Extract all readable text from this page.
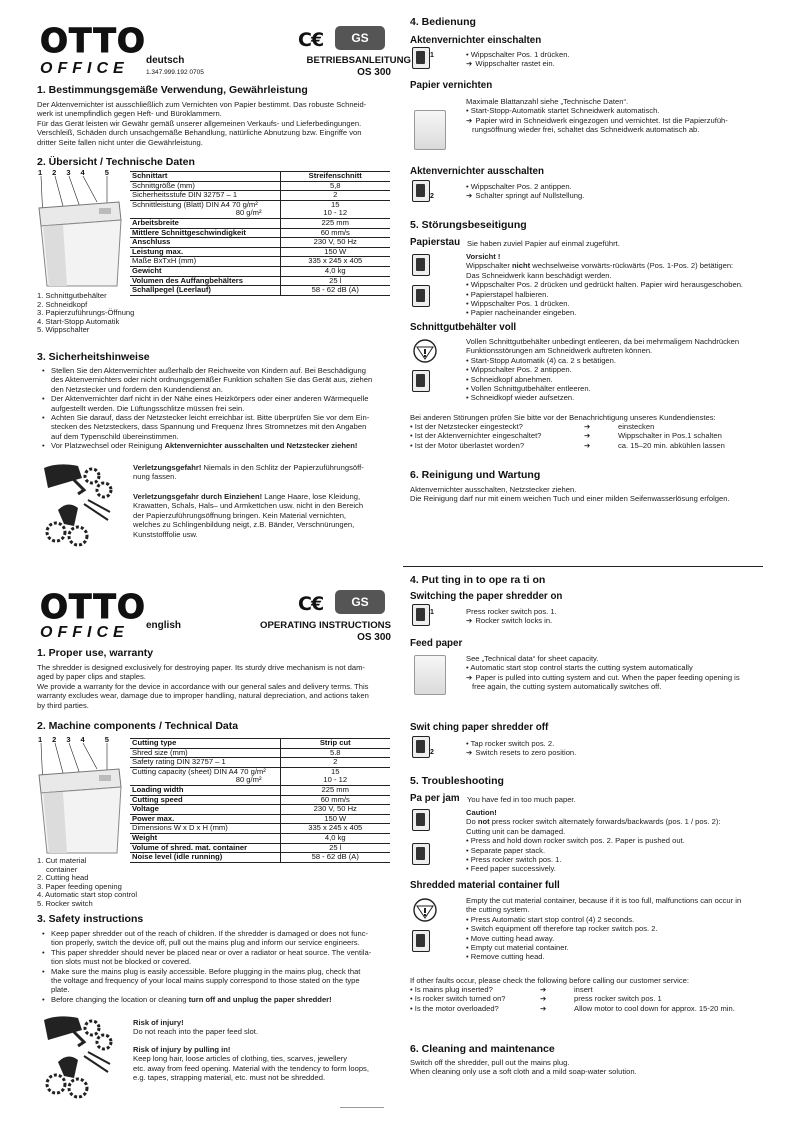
OTTO
OFFICE deutsch
1.347.999.192 0705
C€	GS
BETRIEBSANLEITUNG
OS 300
1. Bestimmungsgemäße Verwendung, Gewährleistung
Der Aktenvernichter ist ausschließlich zum Vernichten von Papier bestimmt. Das robuste Schneid-
werk ist unempfindlich gegen Heft- und Büroklammern.
Für das Gerät leisten wir Gewähr gemäß unserer allgemeinen Verkaufs- und Lieferbedingungen.
Verschleiß, Schäden durch unsachgemäße Behandlung, natürliche Abnutzung bzw. Eingriffe von
dritter Seite fallen nicht unter die Gewährleistung.
2. Übersicht / Technische Daten
1 2 3 4	5
1. Schnittgutbehälter
2. Schneidkopf
3. Papierzuführungs-Öffnung
4. Start-Stopp Automatik
5. Wippschalter
Schnittart	Streifenschnitt
Schnittgröße (mm)	5,8
Sicherheitsstufe DIN 32757 – 1	2
Schnittleistung (Blatt) DIN A4 70 g/m²	15
80 g/m²	10 - 12
Arbeitsbreite	225 mm
Mittlere Schnittgeschwindigkeit	60 mm/s
Anschluss	230 V, 50 Hz
Leistung max.	150 W
Maße BxTxH (mm)	335 x 245 x 405
Gewicht	4,0 kg
Volumen des Auffangbehälters	25 l
Schallpegel (Leerlauf)	58 - 62 dB (A)
3. Sicherheitshinweise
• Stellen Sie den Aktenvernichter außerhalb der Reichweite von Kindern auf. Bei Beschädigung
des Aktenvernichters oder nicht ordnungsgemäßer Funktion schalten Sie das Gerät aus, ziehen
den Netzstecker und fordern den Kundendienst an.
• Der Aktenvernichter darf nicht in der Nähe eines Heizkörpers oder einer anderen Wärmequelle
aufgestellt werden. Die Lüftungsschlitze müssen frei sein.
• Achten Sie darauf, dass der Netzstecker leicht erreichbar ist. Bitte überprüfen Sie vor dem Ein-
stecken des Netzsteckers, dass Spannung und Frequenz Ihres Stromnetzes mit den Angaben
auf dem Typenschild übereinstimmen.
• Vor Platzwechsel oder Reinigung Aktenvernichter ausschalten und Netzstecker ziehen!
Verletzungsgefahr! Niemals in den Schlitz der Papierzuführungsöff-
nung fassen.
Verletzungsgefahr durch Einziehen! Lange Haare, lose Kleidung,
Krawatten, Schals, Hals– und Armkettchen usw. nicht in den Bereich
der Papierzuführungsöffnung bringen. Kein Material vernichten,
welches zu Schlingenbildung neigt, z.B. Bänder, Verschnürungen,
Kunststofffolie usw.
4. Bedienung
Aktenvernichter einschalten
1	• Wippschalter Pos. 1 drücken.
➔ Wippschalter rastet ein.
Papier vernichten
Maximale Blattanzahl siehe „Technische Daten“.
• Start-Stopp-Automatik startet Schneidwerk automatisch.
➔ Papier wird in Schneidwerk eingezogen und vernichtet. Ist die Papierzufüh-
rungsöffnung wieder frei, schaltet das Schneidwerk automatisch ab.
Aktenvernichter ausschalten
2
• Wippschalter Pos. 2 antippen.
➔ Schalter springt auf Nullstellung.
5. Störungsbeseitigung
Papierstau Sie haben zuviel Papier auf einmal zugeführt.
Vorsicht !
Wippschalter nicht wechselweise vorwärts-rückwärts (Pos. 1-Pos. 2) betätigen:
Das Schneidwerk kann beschädigt werden.
• Wippschalter Pos. 2 drücken und gedrückt halten. Papier wird herausgeschoben.
• Papierstapel halbieren.
• Wippschalter Pos. 1 drücken.
• Papier nacheinander eingeben.
Schnittgutbehälter voll
Vollen Schnittgutbehälter unbedingt entleeren, da bei mehrmaligem Nachdrücken
Funktionsstörungen am Schneidwerk auftreten können.
• Start-Stopp Automatik (4) ca. 2 s betätigen.
• Wippschalter Pos. 2 antippen.
• Schneidkopf abnehmen.
• Vollen Schnittgutbehälter entleeren.
• Schneidkopf wieder aufsetzen.
Bei anderen Störungen prüfen Sie bitte vor der Benachrichtigung unseres Kundendienstes:
• Ist der Netzstecker eingesteckt? ➔	einstecken
• Ist der Aktenvernichter eingeschaltet? ➔	Wippschalter in Pos.1 schalten
• Ist der Motor überlastet worden? ➔	ca. 15–20 min. abkühlen lassen
6. Reinigung und Wartung
Aktenvernichter ausschalten, Netzstecker ziehen.
Die Reinigung darf nur mit einem weichen Tuch und einer milden Seifenwasserlösung erfolgen.
OTTO
OFFICE english
C€	GS
OPERATING INSTRUCTIONS
OS 300
1. Proper use, warranty
The shredder is designed exclusively for destroying paper. Its sturdy drive mechanism is not dam-
aged by paper clips and staples.
We provide a warranty for the device in accordance with our general sales and delivery terms. This
warranty excludes wear, damage due to improper handling, natural depreciation, and actions taken
by third parties.
2. Machine components / Technical Data
1 2 3 4	5
1. Cut material
container
2. Cutting head
3. Paper feeding opening
4. Automatic start stop control
5. Rocker switch
Cutting type	Strip cut
Shred size (mm)	5.8
Safety rating DIN 32757 – 1	2
Cutting capacity (sheet) DIN A4 70 g/m²	15
80 g/m²	10 - 12
Loading width	225 mm
Cutting speed	60 mm/s
Voltage	230 V, 50 Hz
Power max.	150 W
Dimensions W x D x H (mm)	335 x 245 x 405
Weight	4,0 kg
Volume of shred. mat. container	25 l
Noise level (idle running)	58 - 62 dB (A)
3. Safety instructions
• Keep paper shredder out of the reach of children. If the shredder is damaged or does not func-
tion properly, switch the device off, pull out the mains plug and inform our service engineers.
• This paper shredder should never be placed near or over a radiator or heat source. The ventila-
tion slots must not be blocked or covered.
• Make sure the mains plug is easily accessible. Before plugging in the mains plug, check that
the voltage and frequency of your local mains supply correspond to those stated on the type
plate.
• Before changing the location or cleaning turn off and unplug the paper shredder!
Risk of injury!
Do not reach into the paper feed slot.
Risk of injury by pulling in!
Keep long hair, loose articles of clothing, ties, scarves, jewellery
etc. away from feed opening. Material with the tendency to form loops,
e.g. tapes, strapping material, etc. must not be shredded.
4. Put ting in to ope ra ti on
Switching the paper shredder on
1	Press rocker switch pos. 1.
➔ Rocker switch locks in.
Feed paper
See „Technical data“ for sheet capacity.
• Automatic start stop control starts the cutting system automatically
➔ Paper is pulled into cutting system and cut. When the paper feeding opening is
free again, the cutting system automatically switches off.
Swit ching paper shredder off
2
• Tap rocker switch pos. 2.
➔ Switch resets to zero position.
5. Troubleshooting
Pa per jam You have fed in too much paper.
Caution!
Do not press rocker switch alternately forwards/backwards (pos. 1 / pos. 2):
Cutting unit can be damaged.
• Press and hold down rocker switch pos. 2. Paper is pushed out.
• Separate paper stack.
• Press rocker switch pos. 1.
• Feed paper successively.
Shredded material container full
Empty the cut material container, because if it is too full, malfunctions can occur in
the cutting system.
• Press Automatic start stop control (4) 2 seconds.
• Switch equipment off therefore tap rocker switch pos. 2.
• Move cutting head away.
• Empty cut material container.
• Remove cutting head.
If other faults occur, please check the following before calling our customer service:
• Is mains plug inserted? ➔	insert
• Is rocker switch turned on? ➔	press rocker switch pos. 1
• Is the motor overloaded? ➔	Allow motor to cool down for approx. 15-20 min.
6. Cleaning and maintenance
Switch off the shredder, pull out the mains plug.
When cleaning only use a soft cloth and a mild soap-water solution.
